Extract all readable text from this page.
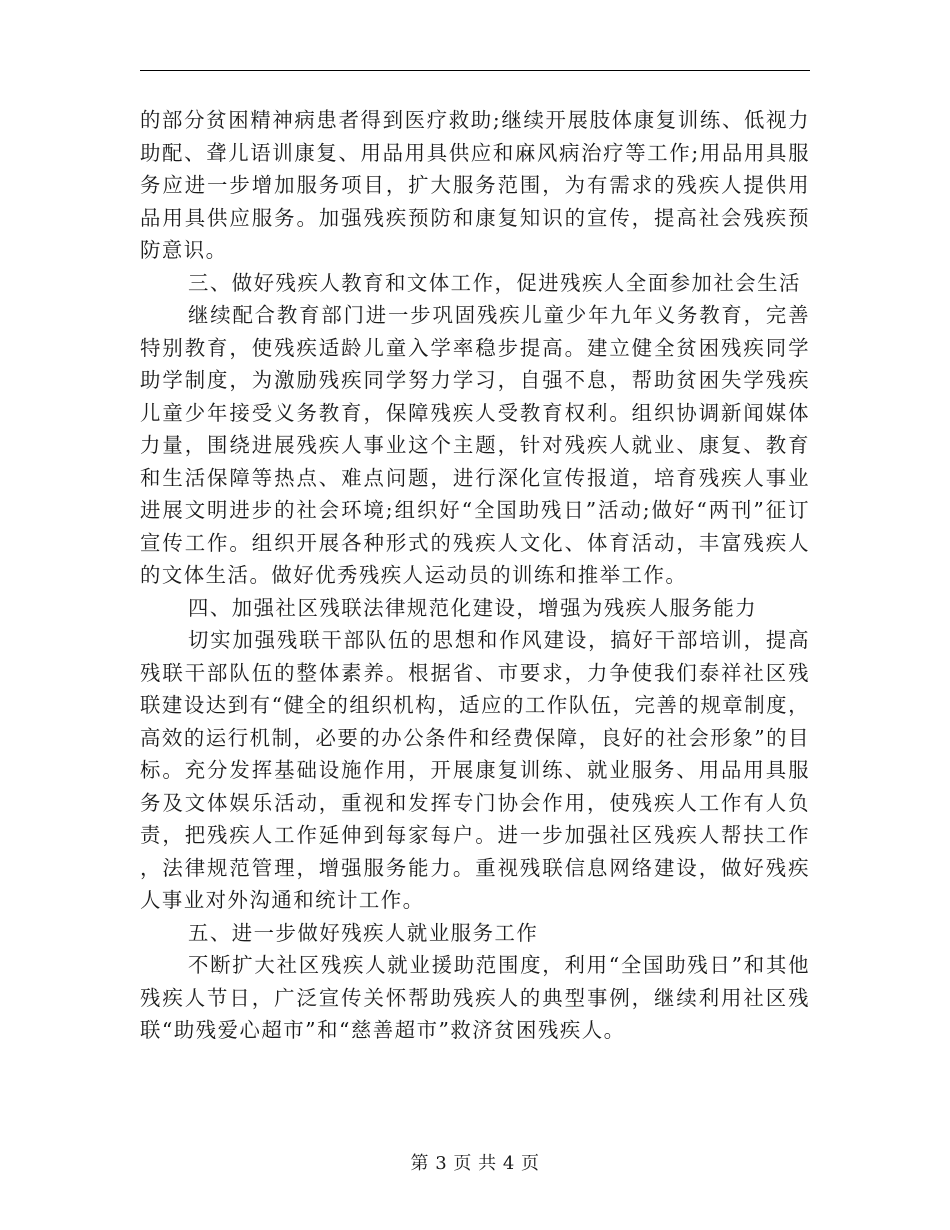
的部分贫困精神病患者得到医疗救助;继续开展肢体康复训练、低视力助配、聋儿语训康复、用品用具供应和麻风病治疗等工作;用品用具服务应进一步增加服务项目，扩大服务范围，为有需求的残疾人提供用品用具供应服务。加强残疾预防和康复知识的宣传，提高社会残疾预防意识。

三、做好残疾人教育和文体工作，促进残疾人全面参加社会生活

继续配合教育部门进一步巩固残疾儿童少年九年义务教育，完善特别教育，使残疾适龄儿童入学率稳步提高。建立健全贫困残疾同学助学制度，为激励残疾同学努力学习，自强不息，帮助贫困失学残疾儿童少年接受义务教育，保障残疾人受教育权利。组织协调新闻媒体力量，围绕进展残疾人事业这个主题，针对残疾人就业、康复、教育和生活保障等热点、难点问题，进行深化宣传报道，培育残疾人事业进展文明进步的社会环境;组织好“全国助残日”活动;做好“两刊”征订宣传工作。组织开展各种形式的残疾人文化、体育活动，丰富残疾人的文体生活。做好优秀残疾人运动员的训练和推举工作。

四、加强社区残联法律规范化建设，增强为残疾人服务能力

切实加强残联干部队伍的思想和作风建设，搞好干部培训，提高残联干部队伍的整体素养。根据省、市要求，力争使我们泰祥社区残联建设达到有“健全的组织机构，适应的工作队伍，完善的规章制度，高效的运行机制，必要的办公条件和经费保障，良好的社会形象”的目标。充分发挥基础设施作用，开展康复训练、就业服务、用品用具服务及文体娱乐活动，重视和发挥专门协会作用，使残疾人工作有人负责，把残疾人工作延伸到每家每户。进一步加强社区残疾人帮扶工作，法律规范管理，增强服务能力。重视残联信息网络建设，做好残疾人事业对外沟通和统计工作。

五、进一步做好残疾人就业服务工作

不断扩大社区残疾人就业援助范围度，利用“全国助残日”和其他残疾人节日，广泛宣传关怀帮助残疾人的典型事例，继续利用社区残联“助残爱心超市”和“慈善超市”救济贫困残疾人。

第 3 页 共 4 页
